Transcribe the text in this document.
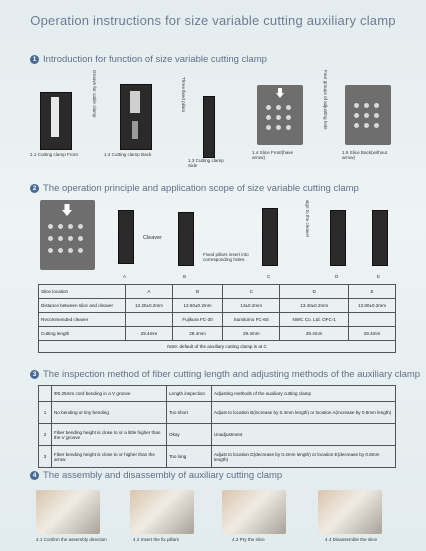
Operation instructions for size variable cutting auxiliary clamp
1 Introduction for function of size variable cutting clamp
Groove for cable clamp
1.1 Cutting clamp Front	1.2 Cutting clamp Back
Three fixed pilars
1.3 Cutting clamp Side
Four groups of adjusting hole
1.4 Slice Front(have arrow)
1.5 Slice Back(without arrow)
2 The operation principle and application scope of size variable cutting clamp
Cleaver
Fixed pillars insert into corresponding holes
sign to the cleaver
A	B	C	D	E
Slice location	A	B	C	D	E
Distance between slice and cleaver	12.20±0.2mm	12.60±0.2mm	13±0.2mm	13.40±0.2mm	13.80±0.2mm
Recommended cleaver		Fujikura FC-30	Sumitomo FC-6S	NWC Co. Ltd. OFC-1	
Cutting length	29.4mm	29.4mm	29.4mm	29.4mm	29.4mm
Note: default of the auxiliary cutting clamp is at C					
3 The inspection method of fiber cutting length and adjusting methods of the auxiliary clamp
	Φ0.25mm cord bending in a V groove	Length inspection	Adjusting methods of the auxiliary cutting clamp
1	No bending or tiny bending	Too short	Adjust to location B(increase by 0.4mm length) or location A(increase by 0.8mm length)
2	Fiber bending height is close to or a little higher than the V groove	Okay	Unadjustment
3	Fiber bending height is close to or higher than the arrow	Too long	Adjust to location D(decrease by 0.4mm length) or location E(decrease by 0.8mm length)
4 The assembly and disassembly of auxiliary cutting clamp
4.1 Confirm the assembly direction	4.2 Insert the fix pillars	4.3 Pry the slice	4.4 Disassemble the slice
